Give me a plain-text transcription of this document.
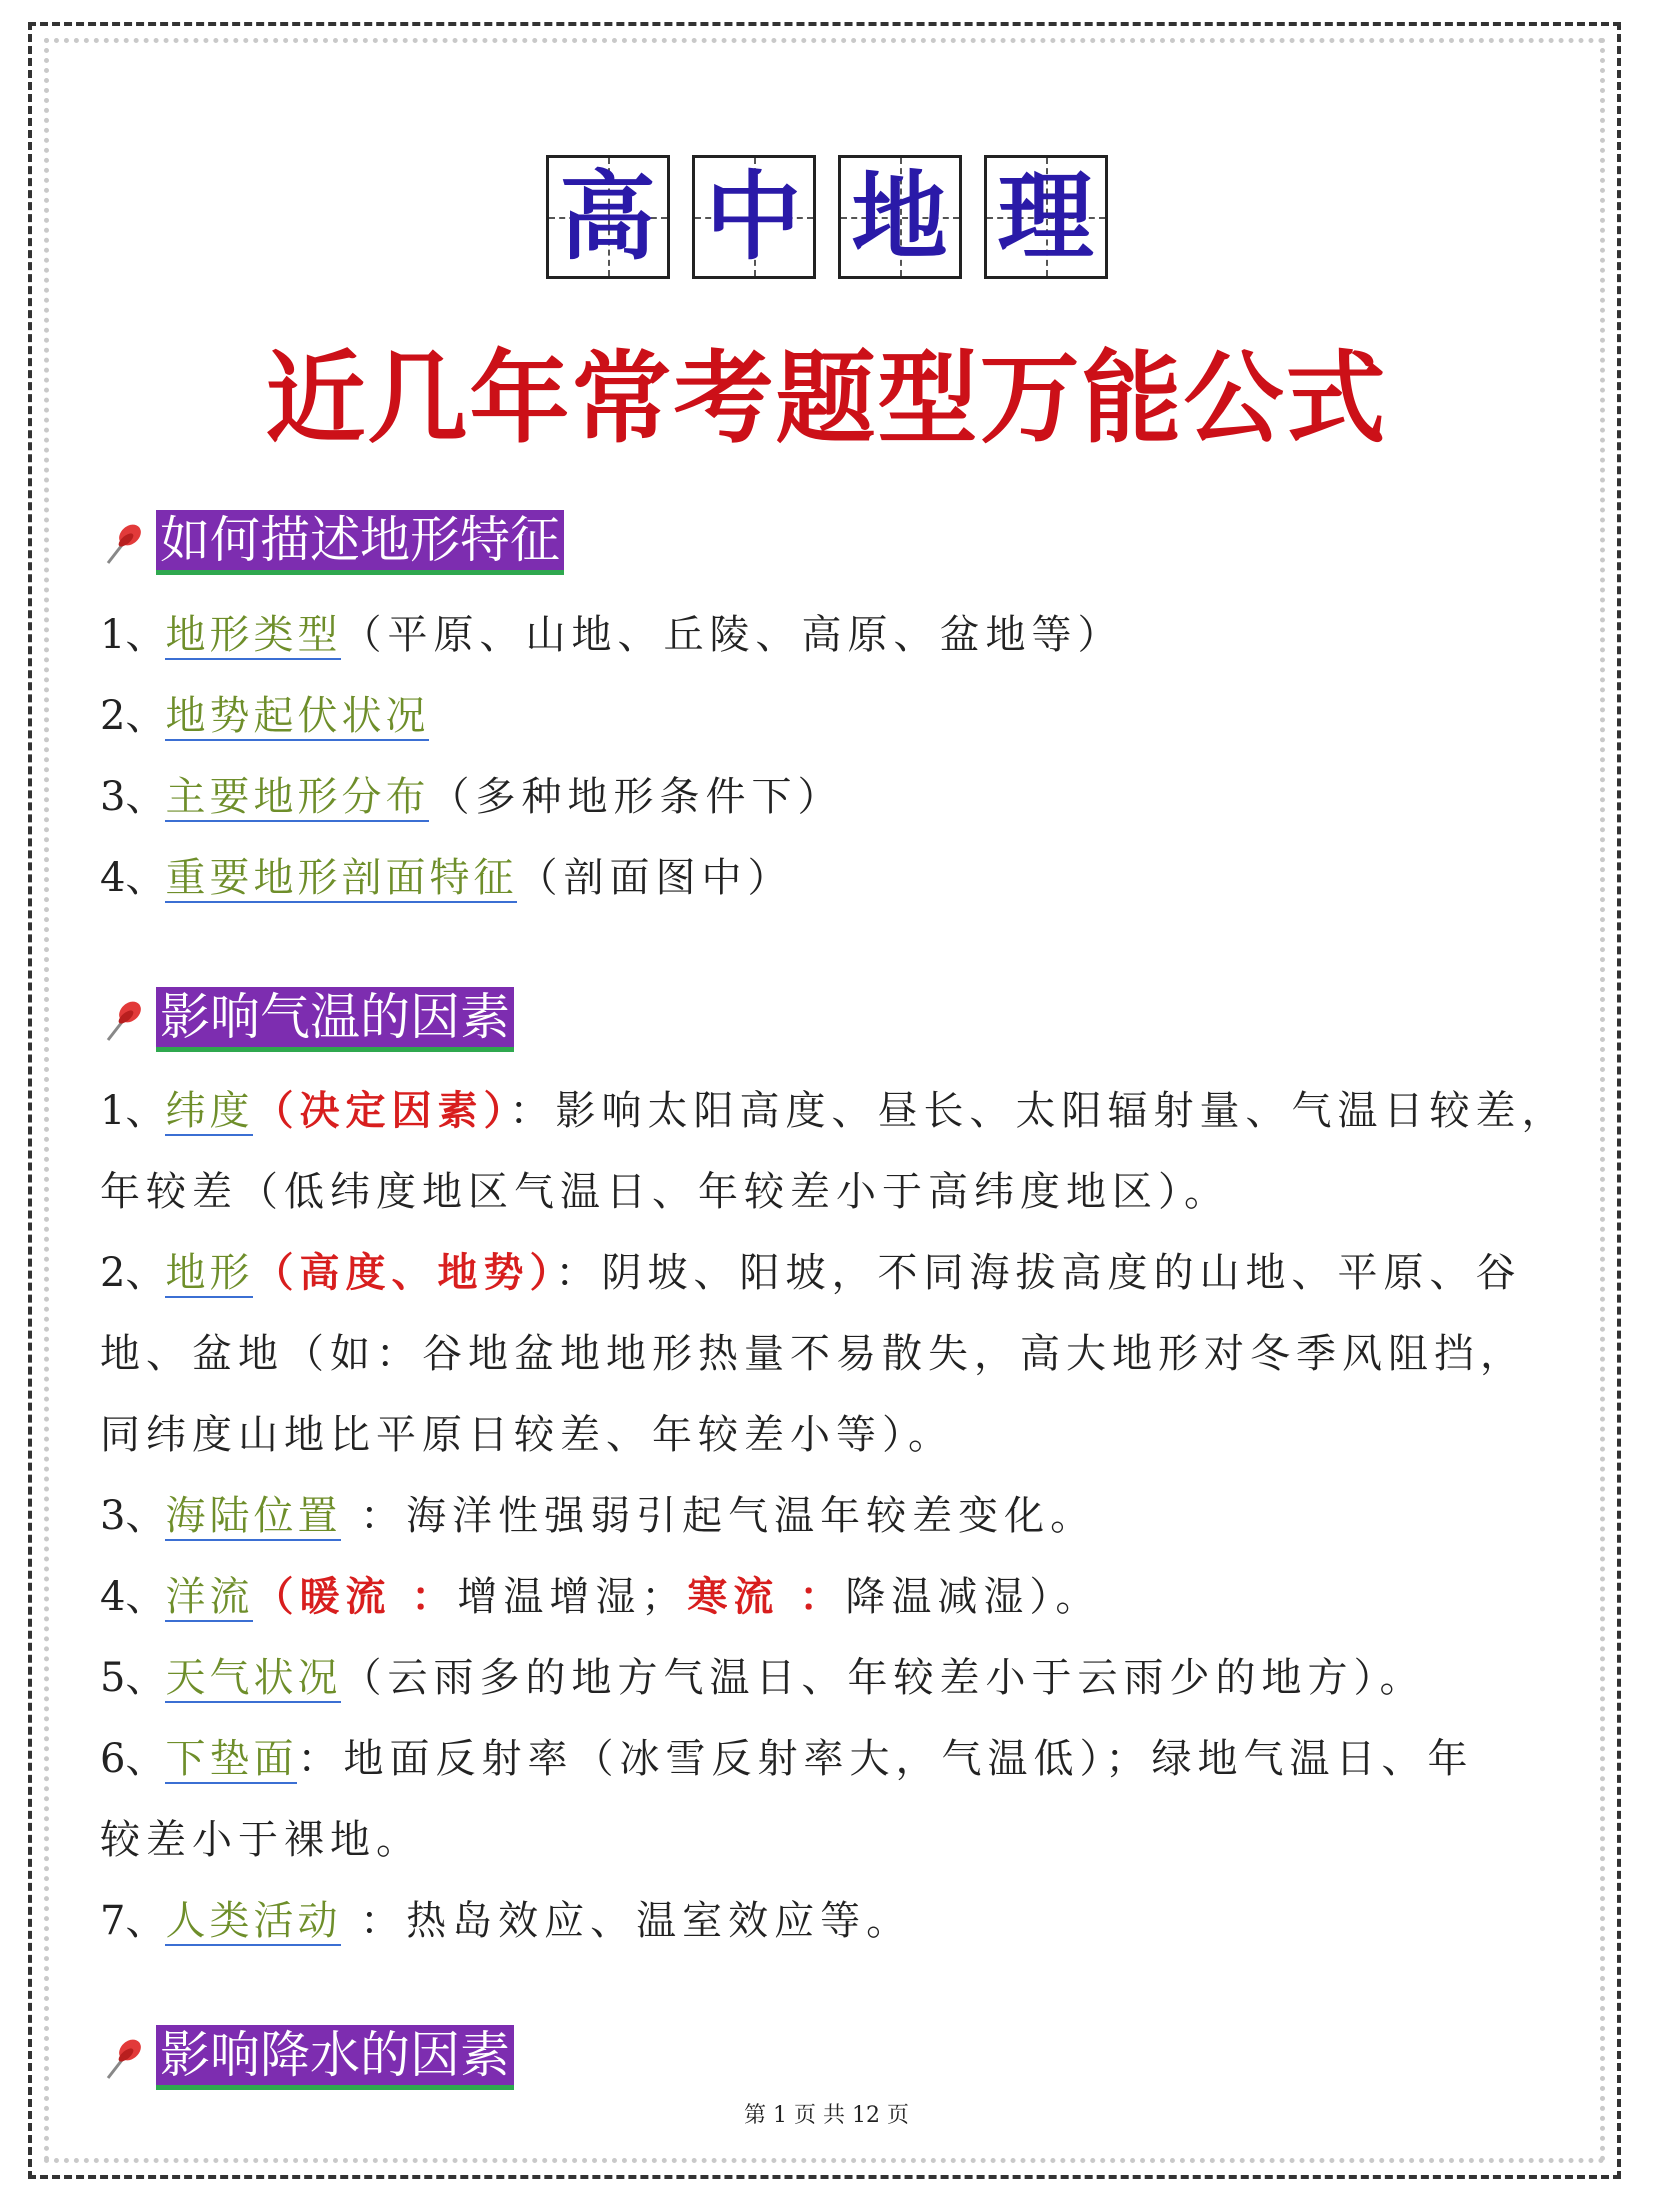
高 中 地 理
近几年常考题型万能公式
如何描述地形特征
1、地形类型（平原、山地、丘陵、高原、盆地等）
2、地势起伏状况
3、主要地形分布（多种地形条件下）
4、重要地形剖面特征（剖面图中）
影响气温的因素
1、纬度（决定因素）：影响太阳高度、昼长、太阳辐射量、气温日较差，
年较差（低纬度地区气温日、年较差小于高纬度地区）。
2、地形（高度、地势）：阴坡、阳坡，不同海拔高度的山地、平原、谷
地、盆地（如：谷地盆地地形热量不易散失，高大地形对冬季风阻挡，
同纬度山地比平原日较差、年较差小等）。
3、海陆位置 ：海洋性强弱引起气温年较差变化。
4、洋流（暖流 ：增温增湿；寒流 ：降温减湿）。
5、天气状况（云雨多的地方气温日、年较差小于云雨少的地方）。
6、下垫面：地面反射率（冰雪反射率大，气温低）；绿地气温日、年
较差小于裸地。
7、人类活动 ：热岛效应、温室效应等。
影响降水的因素
第 1 页 共 12 页
